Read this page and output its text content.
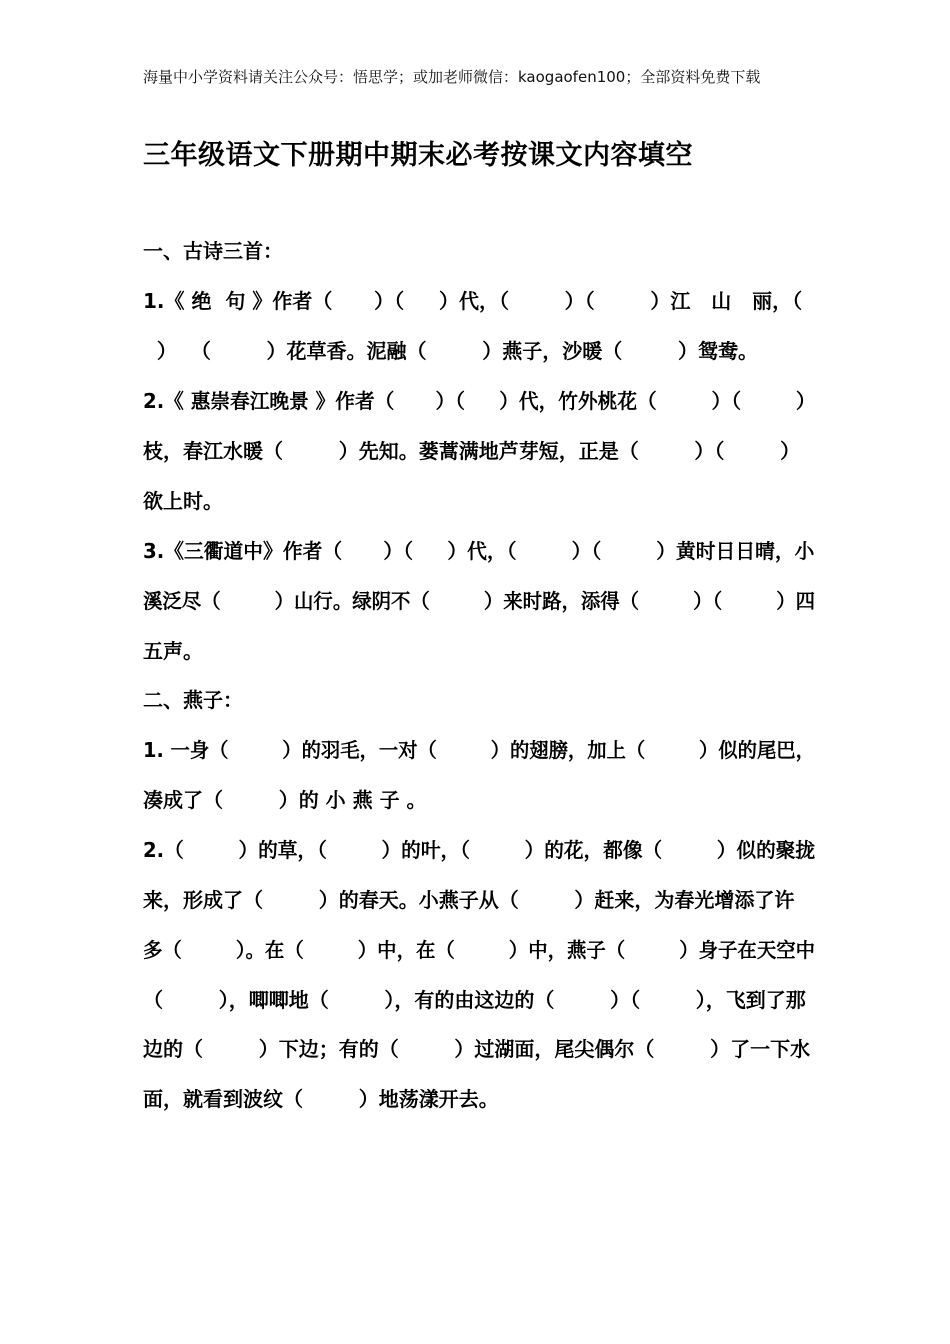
海量中小学资料请关注公众号：悟思学；或加老师微信：kaogaofen100；全部资料免费下载
三年级语文下册期中期末必考按课文内容填空
一、古诗三首：
1.《 绝  句 》作者（      ）（     ）代，（        ）（        ）江   山   丽，（
）  （        ）花草香。泥融（        ）燕子，沙暖（        ）鸳鸯。
2.《 惠崇春江晚景 》作者（      ）（     ）代，竹外桃花（        ）（        ）
枝，春江水暖（        ）先知。蒌蒿满地芦芽短，正是（        ）（        ）
欲上时。
3.《三衢道中》作者（      ）（     ）代，（        ）（        ）黄时日日晴，小
溪泛尽（        ）山行。绿阴不（        ）来时路，添得（        ）（        ）四
五声。
二、燕子：
1. 一身（        ）的羽毛，一对（        ）的翅膀，加上（        ）似的尾巴，
凑成了（        ）的 小 燕 子 。
2.（        ）的草，（        ）的叶，（        ）的花，都像（        ）似的聚拢
来，形成了（        ）的春天。小燕子从（        ）赶来，为春光增添了许
多（        ）。在（        ）中，在（        ）中，燕子（        ）身子在天空中
（        ），唧唧地（        ），有的由这边的（        ）（        ），飞到了那
边的（        ）下边；有的（        ）过湖面，尾尖偶尔（        ）了一下水
面，就看到波纹（        ）地荡漾开去。
